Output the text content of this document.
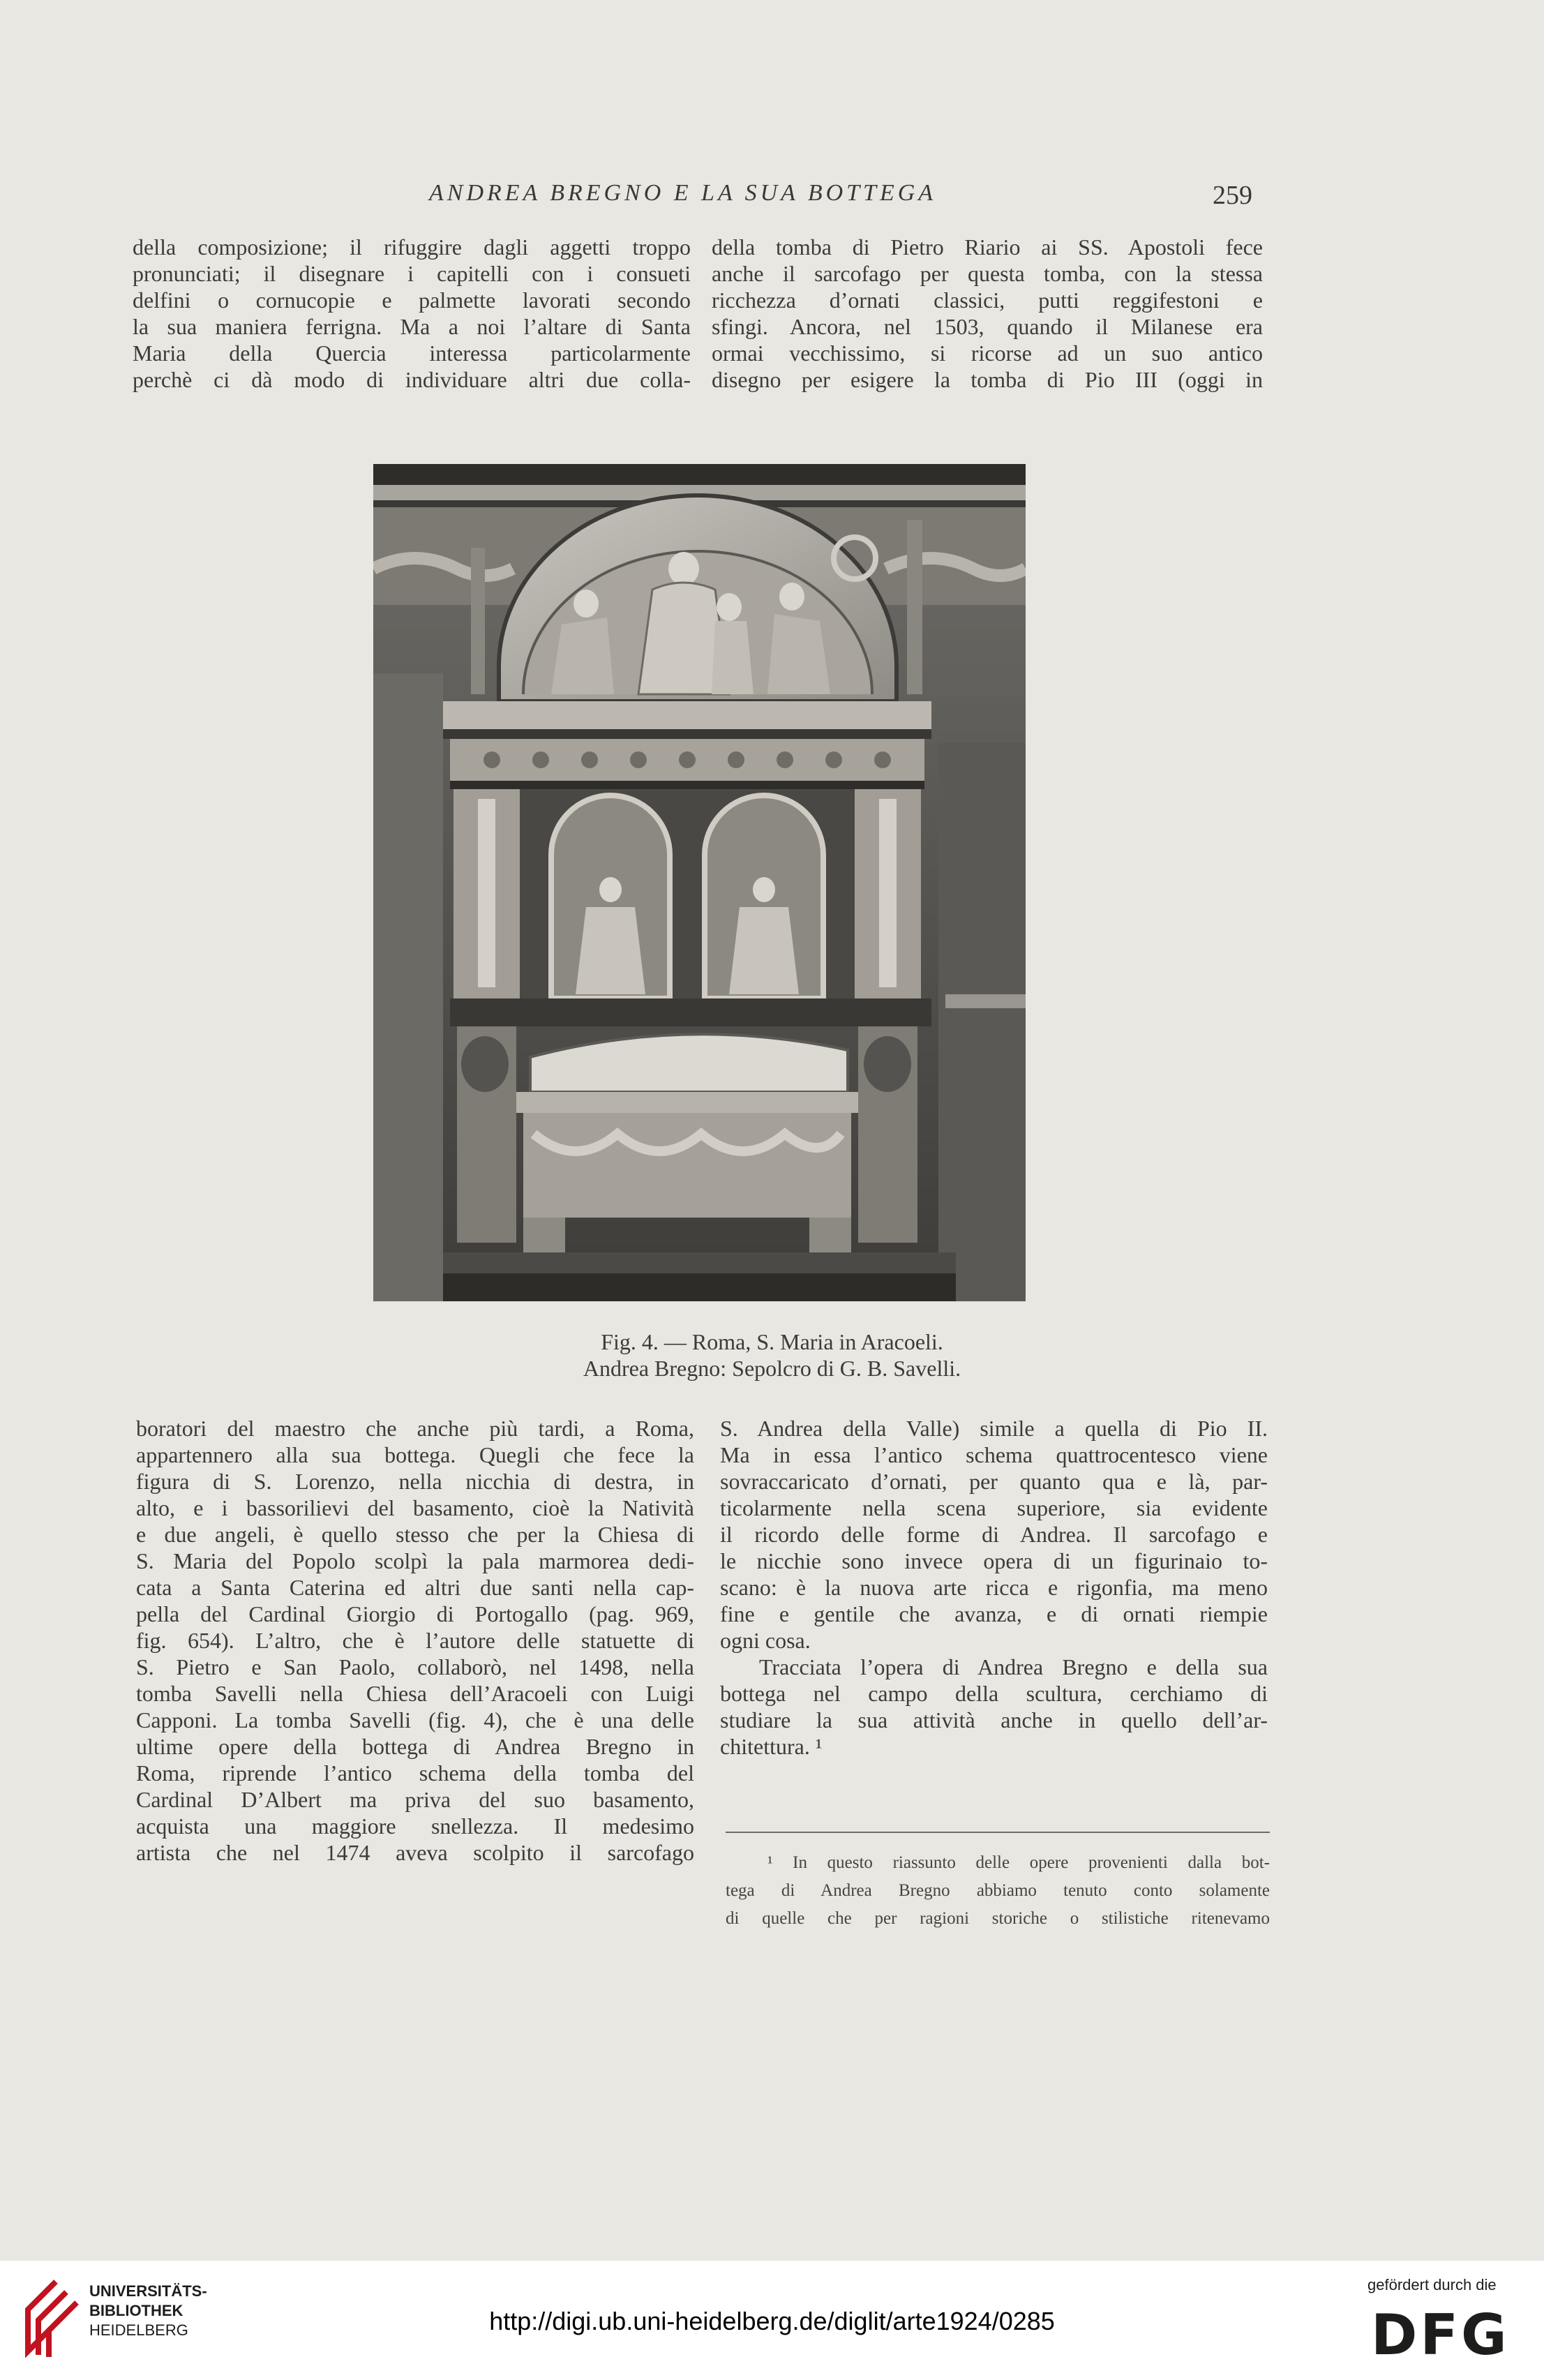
ANDREA BREGNO E LA SUA BOTTEGA	259
della composizione; il rifuggire dagli aggetti troppo
pronunciati; il disegnare i capitelli con i consueti
delfini o cornucopie e palmette lavorati secondo
la sua maniera ferrigna. Ma a noi l’altare di Santa
Maria della Quercia interessa particolarmente
perchè ci dà modo di individuare altri due colla-
della tomba di Pietro Riario ai SS. Apostoli fece
anche il sarcofago per questa tomba, con la stessa
ricchezza d’ornati classici, putti reggifestoni e
sfingi. Ancora, nel 1503, quando il Milanese era
ormai vecchissimo, si ricorse ad un suo antico
disegno per esigere la tomba di Pio III (oggi in
Fig. 4. — Roma, S. Maria in Aracoeli.
Andrea Bregno: Sepolcro di G. B. Savelli.
boratori del maestro che anche più tardi, a Roma,
appartennero alla sua bottega. Quegli che fece la
figura di S. Lorenzo, nella nicchia di destra, in
alto, e i bassorilievi del basamento, cioè la Natività
e due angeli, è quello stesso che per la Chiesa di
S. Maria del Popolo scolpì la pala marmorea dedi-
cata a Santa Caterina ed altri due santi nella cap-
pella del Cardinal Giorgio di Portogallo (pag. 969,
fig. 654). L’altro, che è l’autore delle statuette di
S. Pietro e San Paolo, collaborò, nel 1498, nella
tomba Savelli nella Chiesa dell’Aracoeli con Luigi
Capponi. La tomba Savelli (fig. 4), che è una delle
ultime opere della bottega di Andrea Bregno in
Roma, riprende l’antico schema della tomba del
Cardinal D’Albert ma priva del suo basamento,
acquista una maggiore snellezza. Il medesimo
artista che nel 1474 aveva scolpito il sarcofago
S. Andrea della Valle) simile a quella di Pio II.
Ma in essa l’antico schema quattrocentesco viene
sovraccaricato d’ornati, per quanto qua e là, par-
ticolarmente nella scena superiore, sia evidente
il ricordo delle forme di Andrea. Il sarcofago e
le nicchie sono invece opera di un figurinaio to-
scano: è la nuova arte ricca e rigonfia, ma meno
fine e gentile che avanza, e di ornati riempie
ogni cosa.
Tracciata l’opera di Andrea Bregno e della sua
bottega nel campo della scultura, cerchiamo di
studiare la sua attività anche in quello dell’ar-
chitettura. ¹
¹ In questo riassunto delle opere provenienti dalla bot-
tega di Andrea Bregno abbiamo tenuto conto solamente
di quelle che per ragioni storiche o stilistiche ritenevamo
UNIVERSITÄTS-
BIBLIOTHEK
HEIDELBERG	http://digi.ub.uni-heidelberg.de/diglit/arte1924/0285
gefördert durch die
DFG
